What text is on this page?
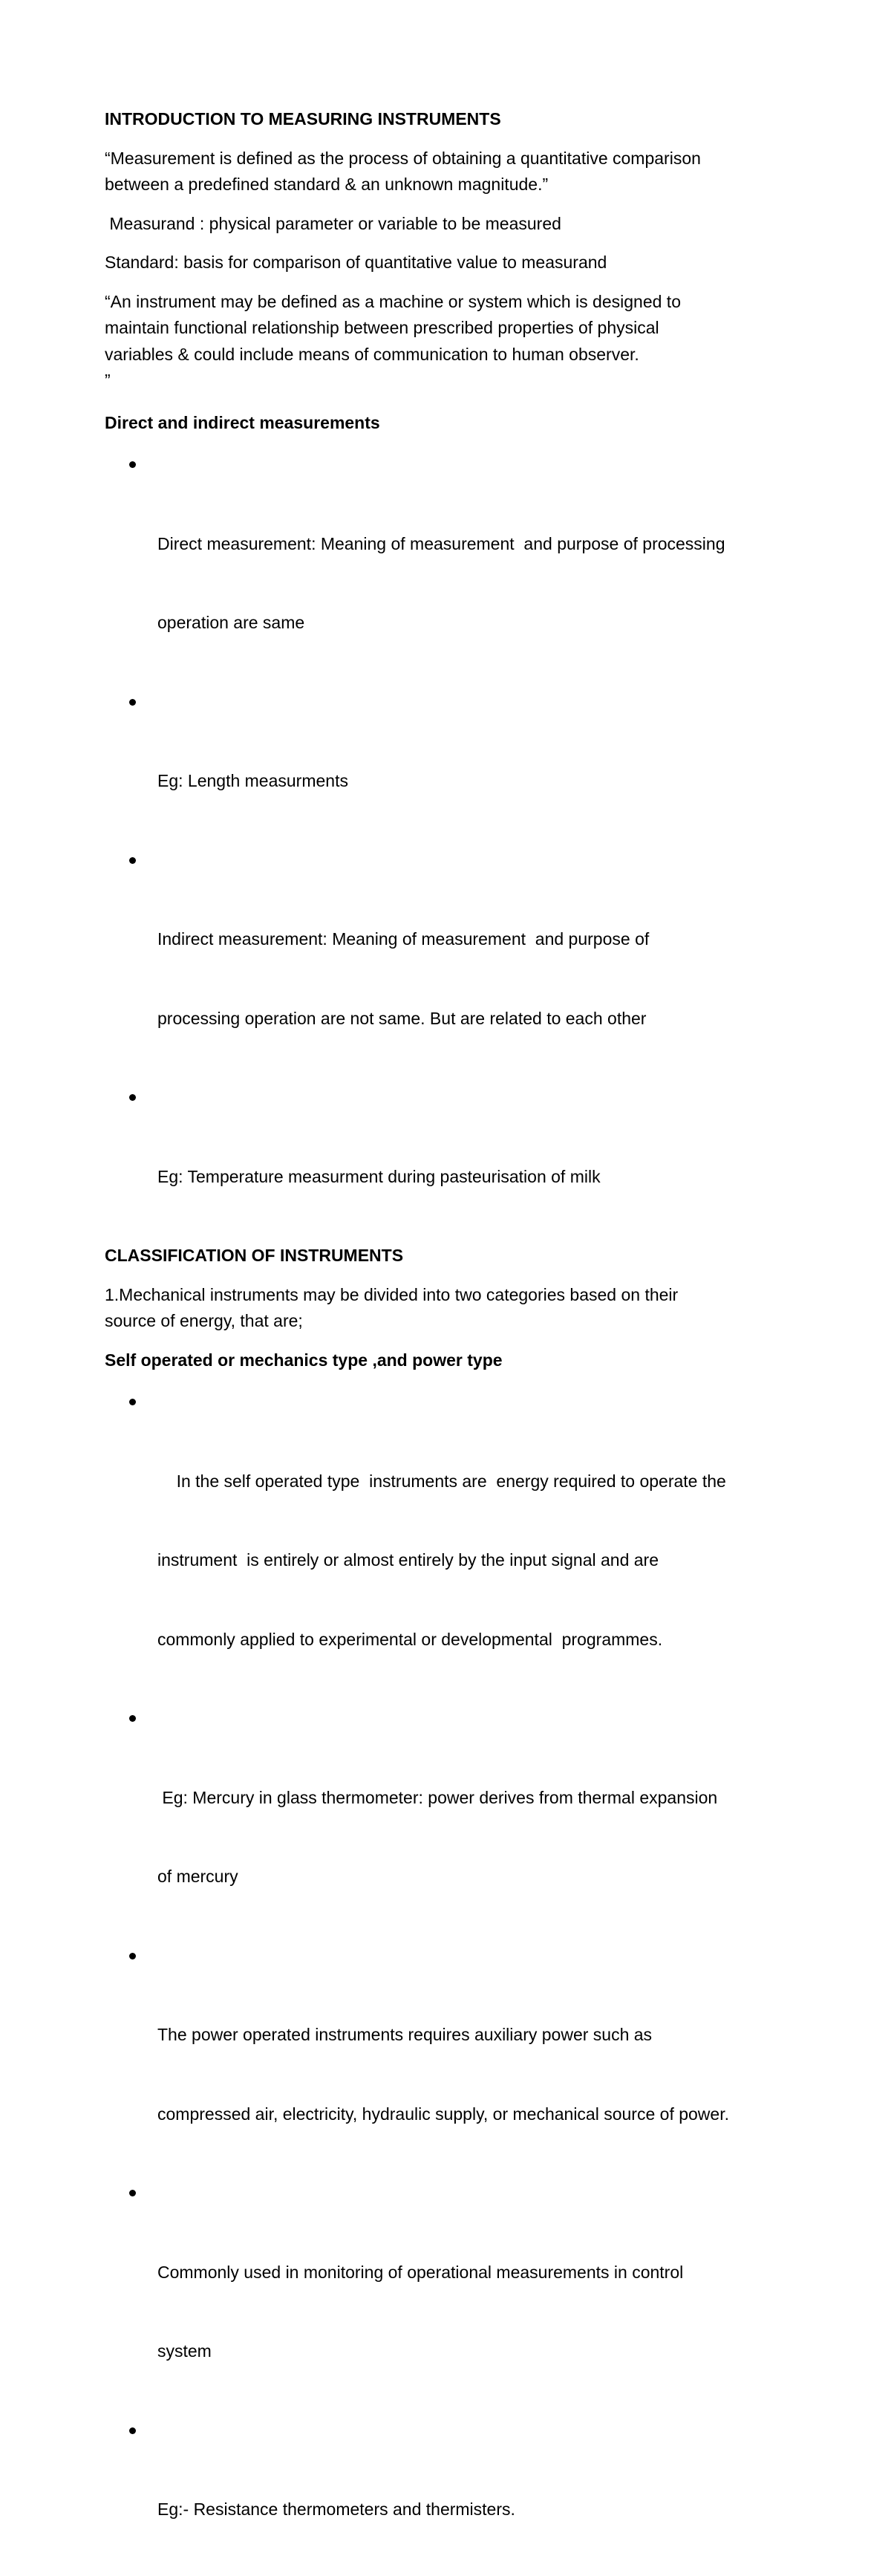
INTRODUCTION TO MEASURING INSTRUMENTS

“Measurement is defined as the process of obtaining a quantitative comparison

between a predefined standard & an unknown magnitude.”

Measurand : physical parameter or variable to be measured

Standard: basis for comparison of quantitative value to measurand

“An instrument may be defined as a machine or system which is designed to

maintain functional relationship between prescribed properties of physical

variables & could include means of communication to human observer.

”

Direct and indirect measurements

Direct measurement: Meaning of measurement  and purpose of processing

operation are same

Eg: Length measurments

Indirect measurement: Meaning of measurement  and purpose of

processing operation are not same. But are related to each other

Eg: Temperature measurment during pasteurisation of milk

CLASSIFICATION OF INSTRUMENTS

1.Mechanical instruments may be divided into two categories based on their

source of energy, that are;

Self operated or mechanics type ,and power type

In the self operated type  instruments are  energy required to operate the

instrument  is entirely or almost entirely by the input signal and are

commonly applied to experimental or developmental  programmes.

Eg: Mercury in glass thermometer: power derives from thermal expansion

of mercury

The power operated instruments requires auxiliary power such as

compressed air, electricity, hydraulic supply, or mechanical source of power.

Commonly used in monitoring of operational measurements in control

system

Eg:- Resistance thermometers and thermisters.
